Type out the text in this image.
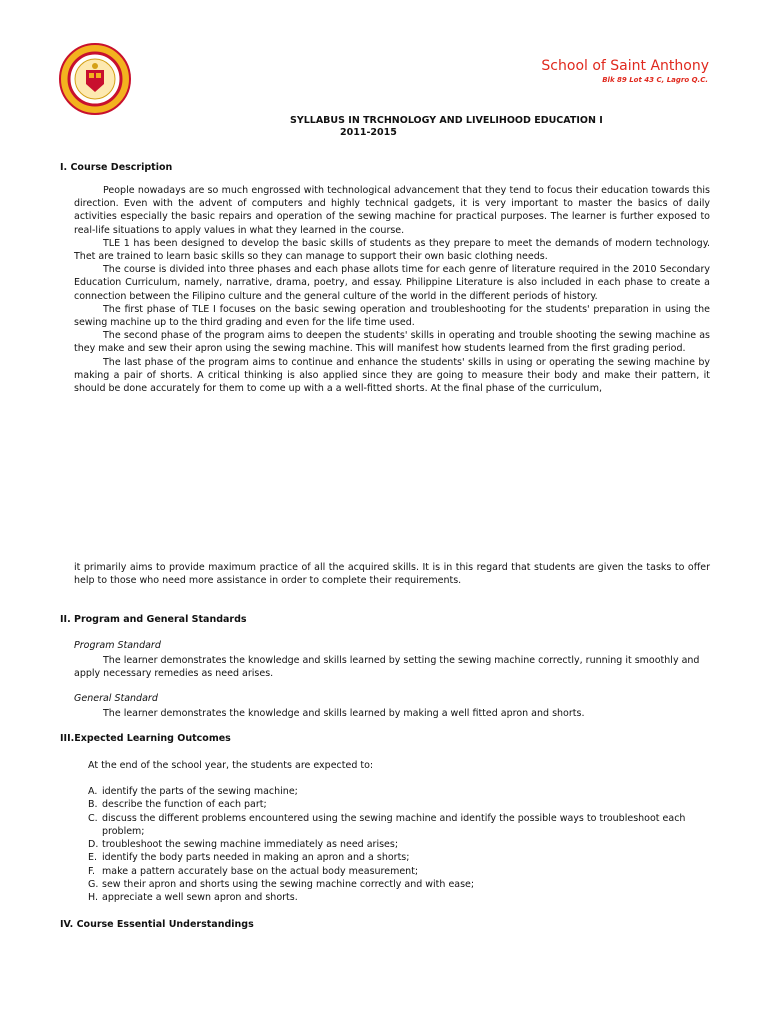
School of Saint Anthony
Blk 89 Lot 43 C, Lagro Q.C.
SYLLABUS IN TRCHNOLOGY AND LIVELIHOOD EDUCATION I
2011-2015
I. Course Description

People nowadays are so much engrossed with technological advancement that they tend to focus their education towards this direction. Even with the advent of computers and highly technical gadgets, it is very important to master the basics of daily activities especially the basic repairs and operation of the sewing machine for practical purposes. The learner is further exposed to real-life situations to apply values in what they learned in the course.

TLE 1 has been designed to develop the basic skills of students as they prepare to meet the demands of modern technology. Thet are trained to learn basic skills so they can manage to support their own basic clothing needs.

The course is divided into three phases and each phase allots time for each genre of literature required in the 2010 Secondary Education Curriculum, namely, narrative, drama, poetry, and essay. Philippine Literature is also included in each phase to create a connection between the Filipino culture and the general culture of the world in the different periods of history.

The first phase of TLE I focuses on the basic sewing operation and troubleshooting for the students' preparation in using the sewing machine up to the third grading and even for the life time used.

The second phase of the program aims to deepen the students' skills in operating and trouble shooting the sewing machine as they make and sew their apron using the sewing machine. This will manifest how students learned from the first grading period.

The last phase of the program aims to continue and enhance the students' skills in using or operating the sewing machine by making a pair of shorts. A critical thinking is also applied since they are going to measure their body and make their pattern, it should be done accurately for them to come up with a a well-fitted shorts. At the final phase of the curriculum,

it primarily aims to provide maximum practice of all the acquired skills. It is in this regard that students are given the tasks to offer help to those who need more assistance in order to complete their requirements.
II. Program and General Standards
Program Standard
The learner demonstrates the knowledge and skills learned by setting the sewing machine correctly, running it smoothly and apply necessary remedies as need arises.
General Standard
The learner demonstrates the knowledge and skills learned by making a well fitted apron and shorts.
III.Expected Learning Outcomes
At the end of the school year, the students are expected to:
A. identify the parts of the sewing machine;
B. describe the function of each part;
C. discuss the different problems encountered using the sewing machine and identify the possible ways to troubleshoot each problem;
D. troubleshoot the sewing machine immediately as need arises;
E. identify the body parts needed in making an apron and a shorts;
F. make a pattern accurately base on the actual body measurement;
G. sew their apron and shorts using the sewing machine correctly and with ease;
H. appreciate a well sewn apron and shorts.
IV. Course Essential Understandings
